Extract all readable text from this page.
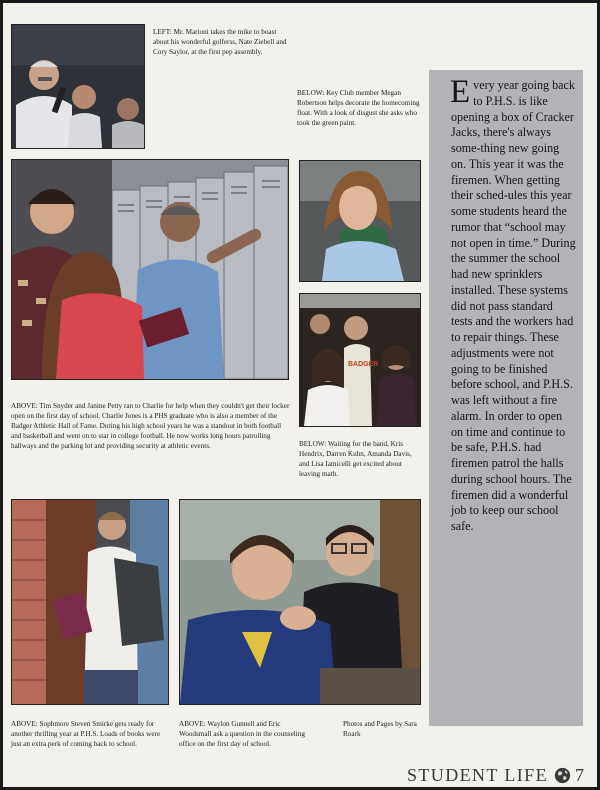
LEFT: Mr. Marioni takes the mike to boast about his wonderful golferss, Nate Ziebell and Cory Saylor, at the first pep assembly.

BELOW: Key Club member Megan Robertson helps decorate the homecoming float. With a look of disgust she asks who took the green paint.

BADGER

ABOVE: Tim Snyder and Janine Petty ran to Charlie for help when they couldn't get their locker open on the first day of school. Charlie Jones is a PHS graduate who is also a member of the Badger Athletic Hall of Fame. During his high school years he was a standout in both football and basketball and went on to star in college football. He now works long hours patrolling hallways and the parking lot and providing security at athletic events.	BELOW: Waiting for the band, Kris Hendrix, Darren Kuhn, Amanda Davis, and Lisa Iamicelli get excited about leaving math.

ABOVE: Sophmore Steven Smirke gets ready for another thrilling year at P.H.S. Loads of books were just an extra perk of coming back to school.

ABOVE: Waylon Gunnell and Eric Woodsmall ask a question in the counseling office on the first day of school.

Photos and Pages by Sara Roark

Every year going back to P.H.S. is like opening a box of Cracker Jacks, there's always some-thing new going on. This year it was the firemen. When getting their sched-ules this year some students heard the rumor that “school may not open in time.” During the summer the school had new sprinklers installed. These systems did not pass standard tests and the workers had to repair things. These adjustments were not going to be finished before school, and P.H.S. was left without a fire alarm. In order to open on time and continue to be safe, P.H.S. had firemen patrol the halls during school hours. The firemen did a wonderful job to keep our school safe.

STUDENT LIFE 7
